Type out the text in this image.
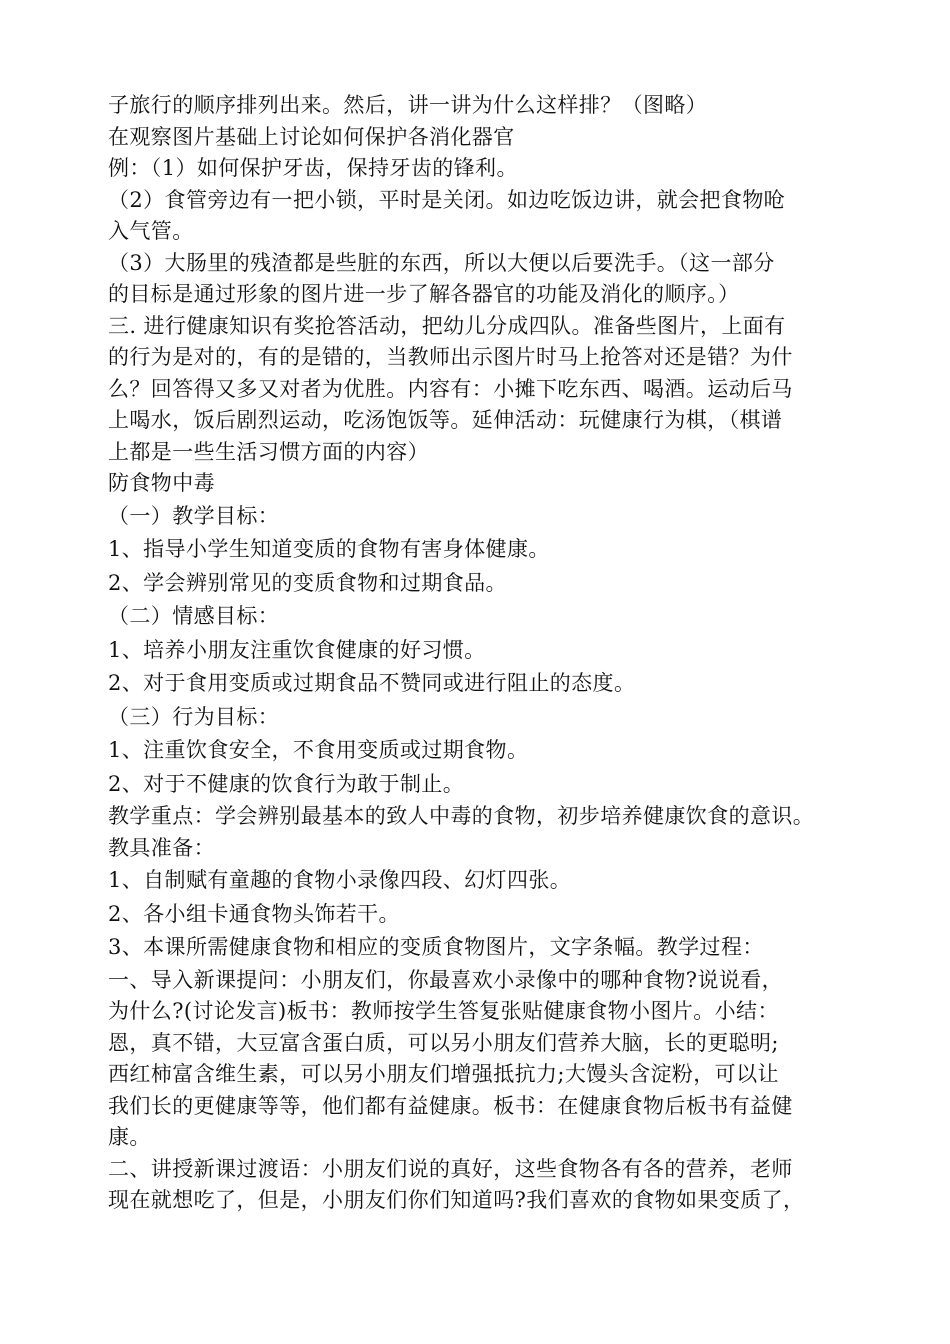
子旅行的顺序排列出来。然后，讲一讲为什么这样排？（图略）
在观察图片基础上讨论如何保护各消化器官
例：（1）如何保护牙齿，保持牙齿的锋利。
（2）食管旁边有一把小锁，平时是关闭。如边吃饭边讲，就会把食物呛
入气管。
（3）大肠里的残渣都是些脏的东西，所以大便以后要洗手。（这一部分
的目标是通过形象的图片进一步了解各器官的功能及消化的顺序。）
三. 进行健康知识有奖抢答活动，把幼儿分成四队。准备些图片，上面有
的行为是对的，有的是错的，当教师出示图片时马上抢答对还是错？为什
么？回答得又多又对者为优胜。内容有：小摊下吃东西、喝酒。运动后马
上喝水，饭后剧烈运动，吃汤饱饭等。延伸活动：玩健康行为棋，（棋谱
上都是一些生活习惯方面的内容）
防食物中毒
（一）教学目标：
1、指导小学生知道变质的食物有害身体健康。
2、学会辨别常见的变质食物和过期食品。
（二）情感目标：
1、培养小朋友注重饮食健康的好习惯。
2、对于食用变质或过期食品不赞同或进行阻止的态度。
（三）行为目标：
1、注重饮食安全，不食用变质或过期食物。
2、对于不健康的饮食行为敢于制止。
教学重点：学会辨别最基本的致人中毒的食物，初步培养健康饮食的意识。
教具准备：
1、自制赋有童趣的食物小录像四段、幻灯四张。
2、各小组卡通食物头饰若干。
3、本课所需健康食物和相应的变质食物图片，文字条幅。教学过程：
一、导入新课提问：小朋友们，你最喜欢小录像中的哪种食物?说说看，
为什么?(讨论发言)板书：教师按学生答复张贴健康食物小图片。小结：
恩，真不错，大豆富含蛋白质，可以另小朋友们营养大脑，长的更聪明;
西红柿富含维生素，可以另小朋友们增强抵抗力;大馒头含淀粉，可以让
我们长的更健康等等，他们都有益健康。板书：在健康食物后板书有益健
康。
二、讲授新课过渡语：小朋友们说的真好，这些食物各有各的营养，老师
现在就想吃了，但是，小朋友们你们知道吗?我们喜欢的食物如果变质了，
